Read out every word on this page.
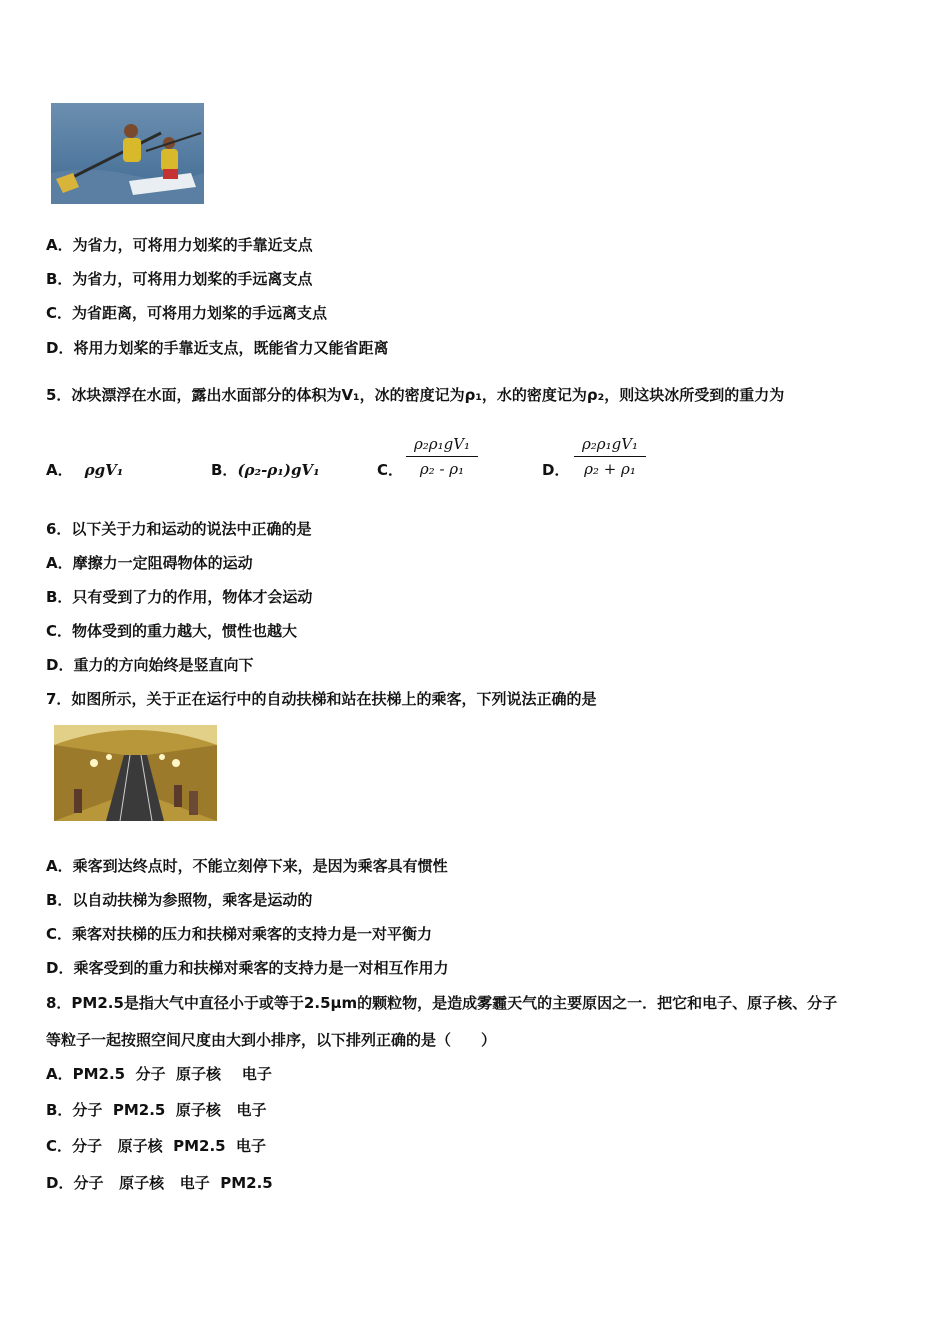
A．为省力，可将用力划桨的手靠近支点
B．为省力，可将用力划桨的手远离支点
C．为省距离，可将用力划桨的手远离支点
D．将用力划桨的手靠近支点，既能省力又能省距离
5．冰块漂浮在水面，露出水面部分的体积为V₁，冰的密度记为ρ₁，水的密度记为ρ₂，则这块冰所受到的重力为
A． ρgV₁	B．(ρ₂-ρ₁)gV₁	C．
ρ₂ρ₁gV₁
ρ₂ - ρ₁	D．
ρ₂ρ₁gV₁
ρ₂ + ρ₁
6．以下关于力和运动的说法中正确的是
A．摩擦力一定阻碍物体的运动
B．只有受到了力的作用，物体才会运动
C．物体受到的重力越大，惯性也越大
D．重力的方向始终是竖直向下
7．如图所示，关于正在运行中的自动扶梯和站在扶梯上的乘客，下列说法正确的是
A．乘客到达终点时，不能立刻停下来，是因为乘客具有惯性
B．以自动扶梯为参照物，乘客是运动的
C．乘客对扶梯的压力和扶梯对乘客的支持力是一对平衡力
D．乘客受到的重力和扶梯对乘客的支持力是一对相互作用力
8．PM2.5是指大气中直径小于或等于2.5μm的颗粒物，是造成雾霾天气的主要原因之一．把它和电子、原子核、分子
等粒子一起按照空间尺度由大到小排序，以下排列正确的是（　　）
A．PM2.5  分子  原子核    电子
B．分子  PM2.5  原子核   电子
C．分子   原子核  PM2.5  电子
D．分子   原子核   电子  PM2.5
